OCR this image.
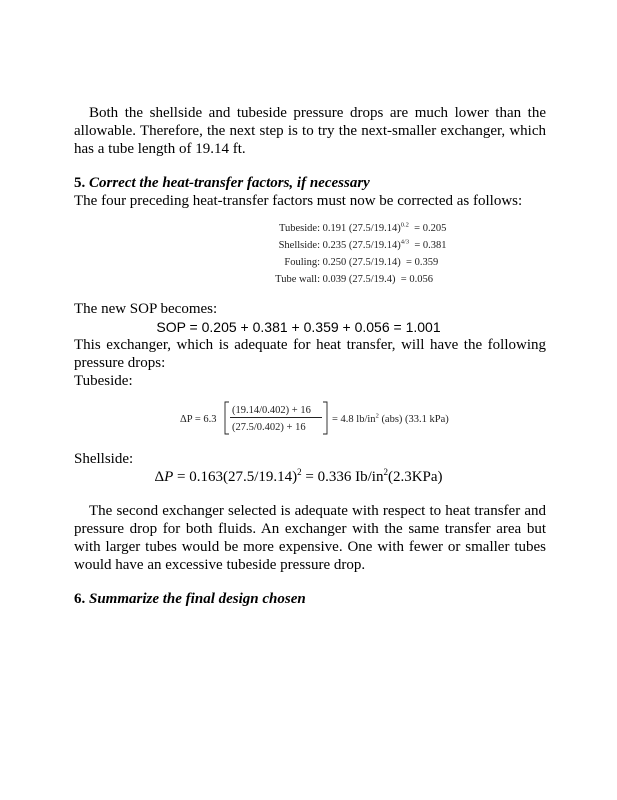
Both the shellside and tubeside pressure drops are much lower than the allowable. Therefore, the next step is to try the next-smaller exchanger, which has a tube length of 19.14 ft.

5. Correct the heat-transfer factors, if necessary

The four preceding heat-transfer factors must now be corrected as follows:

Tubeside: 0.191 $(27.5/19.14)^{0.2} = 0.205$
Shellside: 0.235 $(27.5/19.14)^{4/3} = 0.381$
Fouling: 0.250 (27.5/19.14) = 0.359
Tube wall: 0.039 (27.5/19.4) = 0.056

The new SOP becomes:

SOP = 0.205 + 0.381 + 0.359 + 0.056 = 1.001

This exchanger, which is adequate for heat transfer, will have the following pressure drops:

Tubeside:

ΔP = 6.3
(19.14/0.402) + 16
(27.5/0.402) + 16
= 4.8 $lb/in^2$ (abs) (33.1 kPa)

Shellside:

$\Delta P = 0.163(27.5/19.14)^2 = 0.336$ $Ib/in^2(2.3KPa)$

The second exchanger selected is adequate with respect to heat transfer and pressure drop for both fluids. An exchanger with the same transfer area but with larger tubes would be more expensive. One with fewer or smaller tubes would have an excessive tubeside pressure drop.

6. Summarize the final design chosen
